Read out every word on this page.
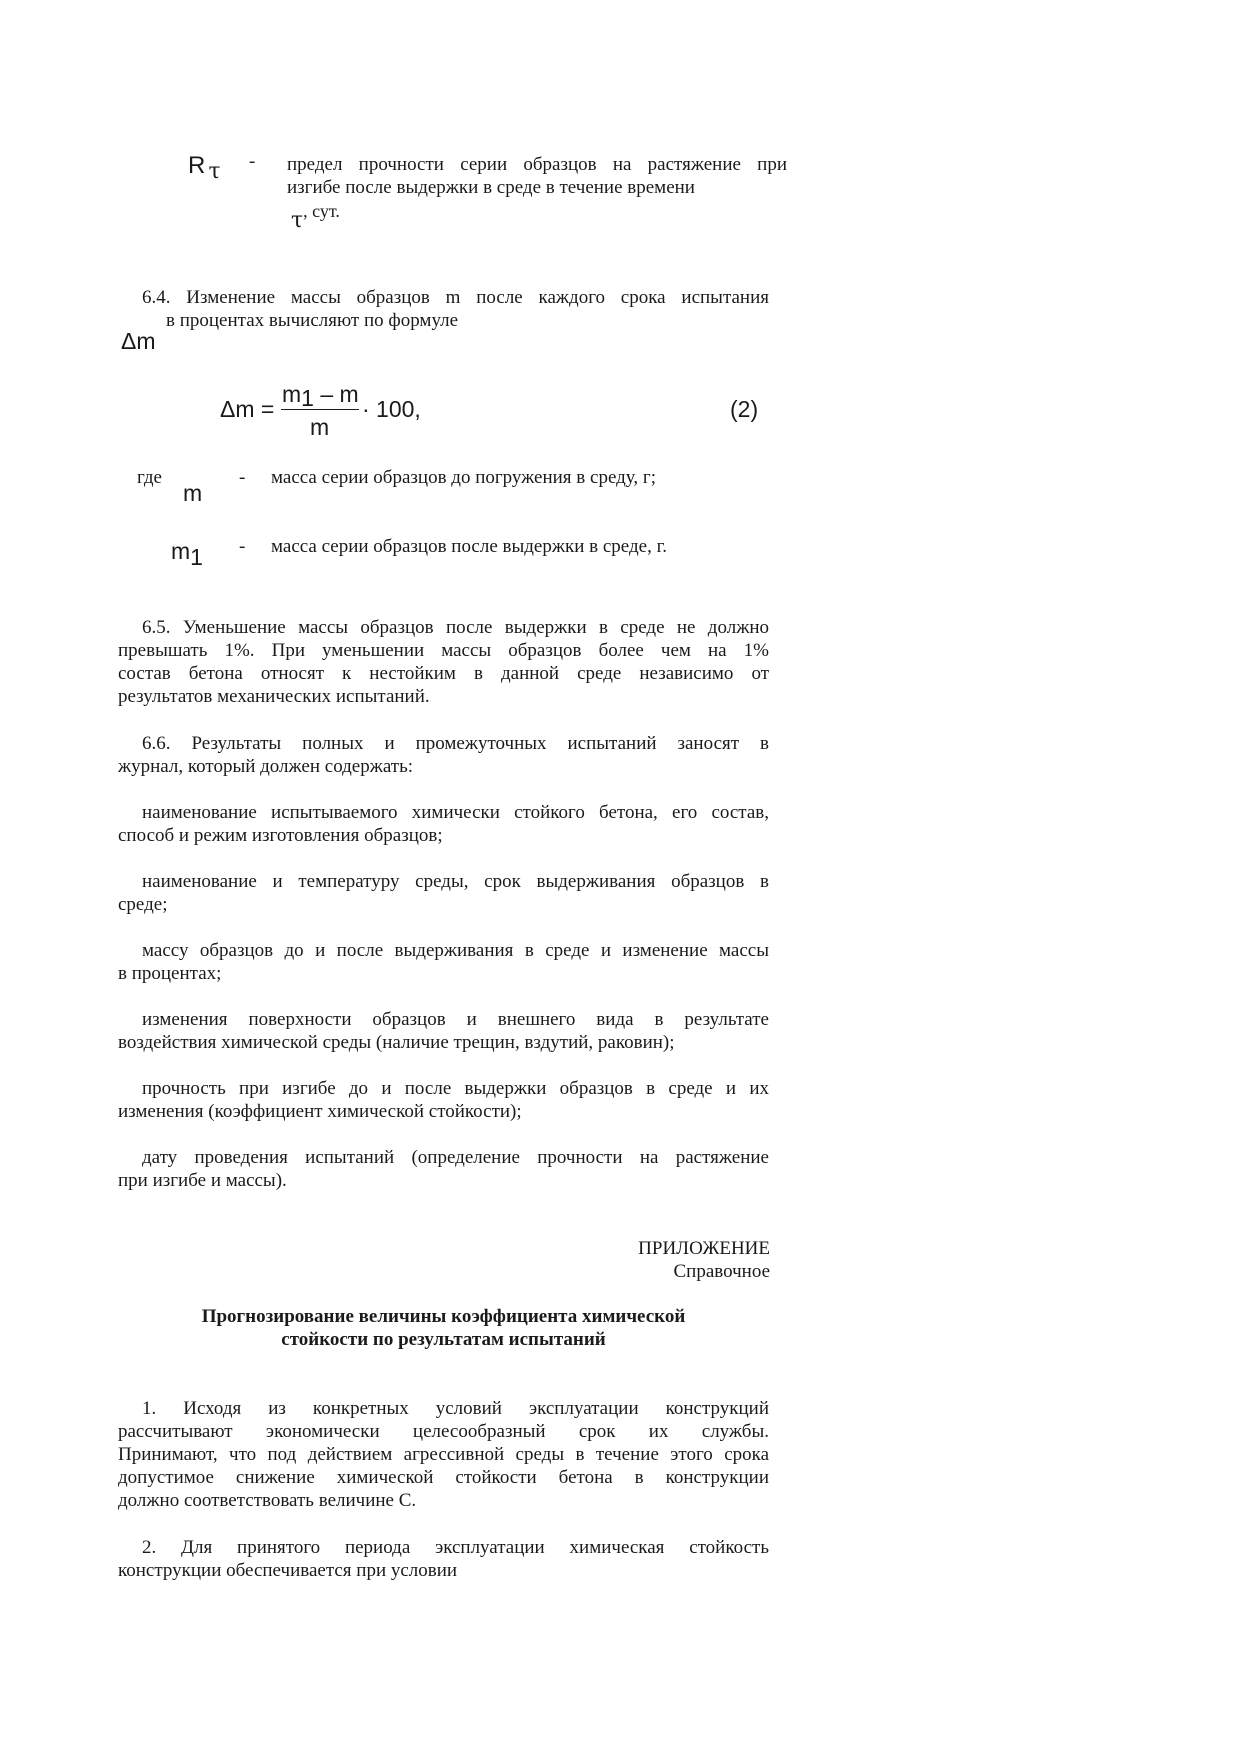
R τ - предел прочности серии образцов на растяжение при
изгибе после выдержки в среде в течение времени
τ, сут.
6.4. Изменение массы образцов m после каждого срока испытания
в процентах вычисляют по формуле
Δm
Δm =
m1 – m
m
· 100,	(2)
где
m
- масса серии образцов до погружения в среду, г;
m1 - масса серии образцов после выдержки в среде, г.
6.5. Уменьшение массы образцов после выдержки в среде не должно
превышать 1%. При уменьшении массы образцов более чем на 1%
состав бетона относят к нестойким в данной среде независимо от
результатов механических испытаний.
6.6. Результаты полных и промежуточных испытаний заносят в
журнал, который должен содержать:
наименование испытываемого химически стойкого бетона, его состав,
способ и режим изготовления образцов;
наименование и температуру среды, срок выдерживания образцов в
среде;
массу образцов до и после выдерживания в среде и изменение массы
в процентах;
изменения поверхности образцов и внешнего вида в результате
воздействия химической среды (наличие трещин, вздутий, раковин);
прочность при изгибе до и после выдержки образцов в среде и их
изменения (коэффициент химической стойкости);
дату проведения испытаний (определение прочности на растяжение
при изгибе и массы).
ПРИЛОЖЕНИЕ
Справочное
Прогнозирование величины коэффициента химической
стойкости по результатам испытаний
1. Исходя из конкретных условий эксплуатации конструкций
рассчитывают экономически целесообразный срок их службы.
Принимают, что под действием агрессивной среды в течение этого срока
допустимое снижение химической стойкости бетона в конструкции
должно соответствовать величине C.
2. Для принятого периода эксплуатации химическая стойкость
конструкции обеспечивается при условии
